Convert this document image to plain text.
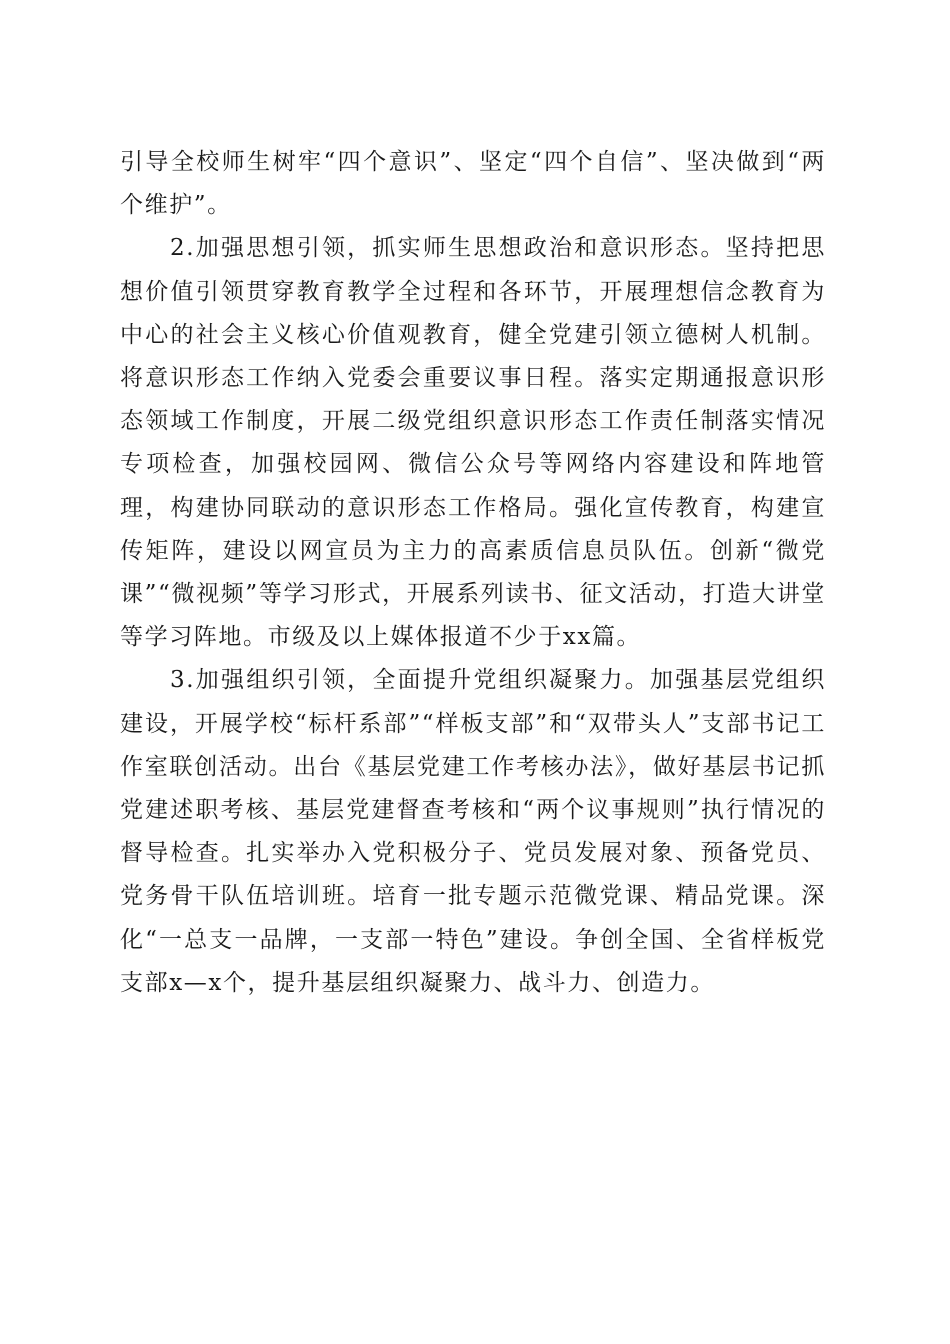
引导全校师生树牢“四个意识”、坚定“四个自信”、坚决做到“两个维护”。

2.加强思想引领，抓实师生思想政治和意识形态。坚持把思想价值引领贯穿教育教学全过程和各环节，开展理想信念教育为中心的社会主义核心价值观教育，健全党建引领立德树人机制。将意识形态工作纳入党委会重要议事日程。落实定期通报意识形态领域工作制度，开展二级党组织意识形态工作责任制落实情况专项检查，加强校园网、微信公众号等网络内容建设和阵地管理，构建协同联动的意识形态工作格局。强化宣传教育，构建宣传矩阵，建设以网宣员为主力的高素质信息员队伍。创新“微党课”“微视频”等学习形式，开展系列读书、征文活动，打造大讲堂等学习阵地。市级及以上媒体报道不少于xx篇。

3.加强组织引领，全面提升党组织凝聚力。加强基层党组织建设，开展学校“标杆系部”“样板支部”和“双带头人”支部书记工作室联创活动。出台《基层党建工作考核办法》，做好基层书记抓党建述职考核、基层党建督查考核和“两个议事规则”执行情况的督导检查。扎实举办入党积极分子、党员发展对象、预备党员、党务骨干队伍培训班。培育一批专题示范微党课、精品党课。深化“一总支一品牌，一支部一特色”建设。争创全国、全省样板党支部x—x个，提升基层组织凝聚力、战斗力、创造力。
